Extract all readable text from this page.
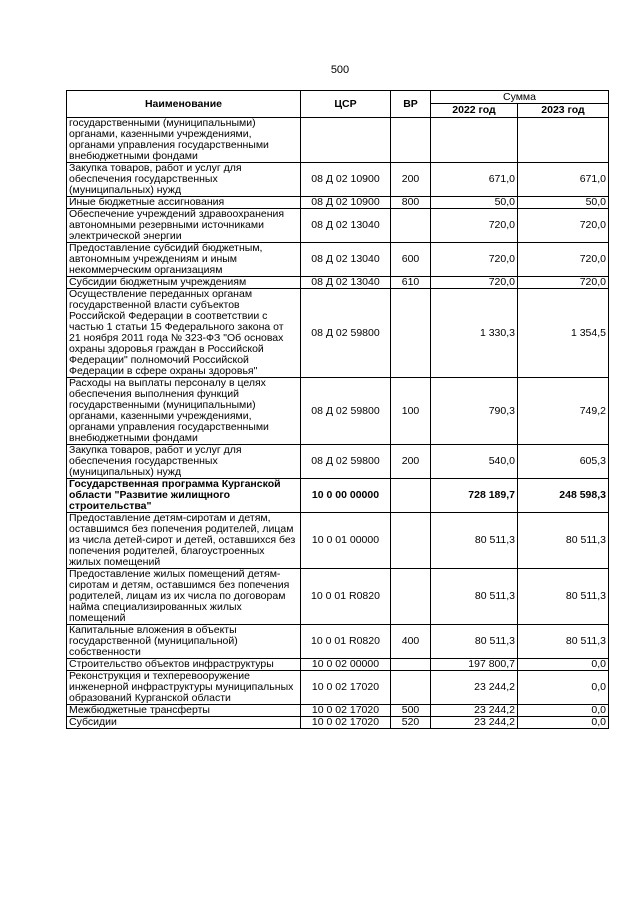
500
Наименование	ЦСР	ВР	Сумма	
			2022 год	2023 год
государственными (муниципальными) органами, казенными учреждениями, органами управления государственными внебюджетными фондами				
Закупка товаров, работ и услуг для обеспечения государственных (муниципальных) нужд	08 Д 02 10900	200	671,0	671,0
Иные бюджетные ассигнования	08 Д 02 10900	800	50,0	50,0
Обеспечение учреждений здравоохранения автономными резервными источниками электрической энергии	08 Д 02 13040		720,0	720,0
Предоставление субсидий бюджетным, автономным учреждениям и иным некоммерческим организациям	08 Д 02 13040	600	720,0	720,0
Субсидии бюджетным учреждениям	08 Д 02 13040	610	720,0	720,0
Осуществление переданных органам государственной власти субъектов Российской Федерации в соответствии с частью 1 статьи 15 Федерального закона от 21 ноября 2011 года № 323-ФЗ "Об основах охраны здоровья граждан в Российской Федерации" полномочий Российской Федерации в сфере охраны здоровья"	08 Д 02 59800		1 330,3	1 354,5
Расходы на выплаты персоналу в целях обеспечения выполнения функций государственными (муниципальными) органами, казенными учреждениями, органами управления государственными внебюджетными фондами	08 Д 02 59800	100	790,3	749,2
Закупка товаров, работ и услуг для обеспечения государственных (муниципальных) нужд	08 Д 02 59800	200	540,0	605,3
Государственная программа Курганской области "Развитие жилищного строительства"	10 0 00 00000		728 189,7	248 598,3
Предоставление детям-сиротам и детям, оставшимся без попечения родителей, лицам из числа детей-сирот и детей, оставшихся без попечения родителей, благоустроенных жилых помещений	10 0 01 00000		80 511,3	80 511,3
Предоставление жилых помещений детям-сиротам и детям, оставшимся без попечения родителей, лицам из их числа по договорам найма специализированных жилых помещений	10 0 01 R0820		80 511,3	80 511,3
Капитальные вложения в объекты государственной (муниципальной) собственности	10 0 01 R0820	400	80 511,3	80 511,3
Строительство объектов инфраструктуры	10 0 02 00000		197 800,7	0,0
Реконструкция и техперевооружение инженерной инфраструктуры муниципальных образований Курганской области	10 0 02 17020		23 244,2	0,0
Межбюджетные трансферты	10 0 02 17020	500	23 244,2	0,0
Субсидии	10 0 02 17020	520	23 244,2	0,0
